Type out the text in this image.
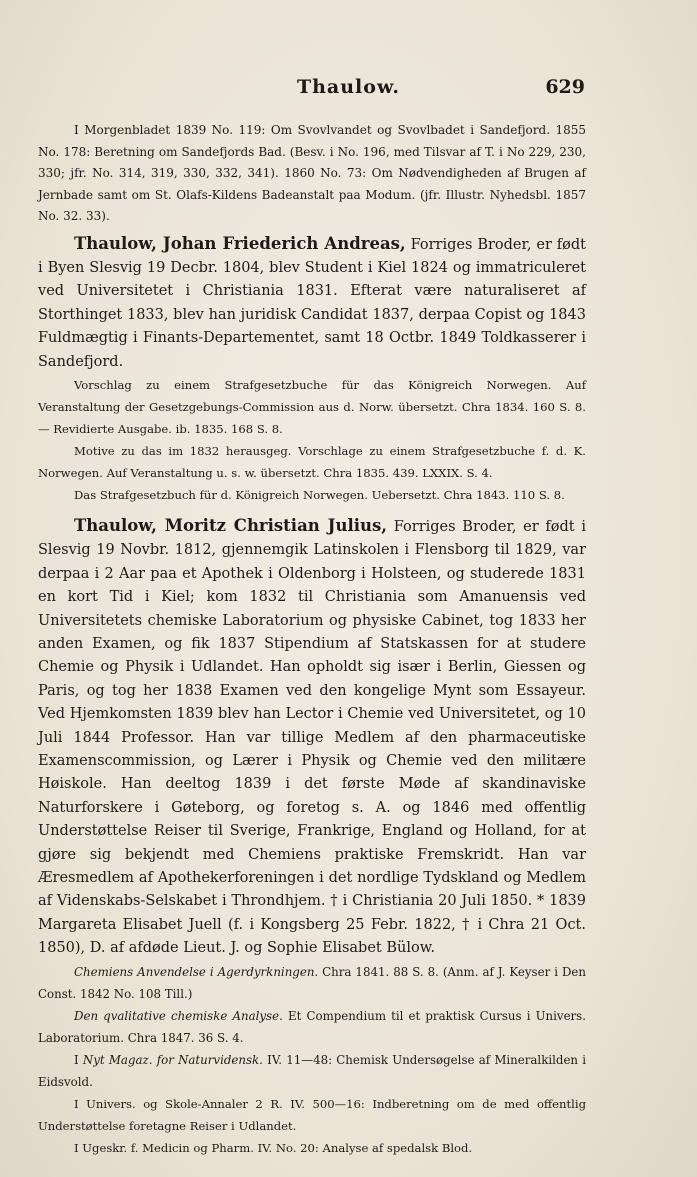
Thaulow.	629

I Morgenbladet 1839 No. 119: Om Svovlvandet og Svovlbadet i Sandefjord. 1855 No. 178: Beretning om Sandefjords Bad. (Besv. i No. 196, med Tilsvar af T. i No 229, 230, 330; jfr. No. 314, 319, 330, 332, 341). 1860 No. 73: Om Nødvendigheden af Brugen af Jernbade samt om St. Olafs-Kildens Badeanstalt paa Modum. (jfr. Illustr. Nyhedsbl. 1857 No. 32. 33).

Thaulow, Johan Friederich Andreas, Forriges Broder, er født i Byen Slesvig 19 Decbr. 1804, blev Student i Kiel 1824 og immatriculeret ved Universitetet i Christiania 1831. Efterat være naturaliseret af Storthinget 1833, blev han juridisk Candidat 1837, derpaa Copist og 1843 Fuldmægtig i Finants-Departementet, samt 18 Octbr. 1849 Toldkasserer i Sandefjord.

Vorschlag zu einem Strafgesetzbuche für das Königreich Norwegen. Auf Veranstaltung der Gesetzgebungs-Commission aus d. Norw. übersetzt. Chra 1834. 160 S. 8. — Revidierte Ausgabe. ib. 1835. 168 S. 8.

Motive zu das im 1832 herausgeg. Vorschlage zu einem Strafgesetzbuche f. d. K. Norwegen. Auf Veranstaltung u. s. w. übersetzt. Chra 1835. 439. LXXIX. S. 4.

Das Strafgesetzbuch für d. Königreich Norwegen. Uebersetzt. Chra 1843. 110 S. 8.

Thaulow, Moritz Christian Julius, Forriges Broder, er født i Slesvig 19 Novbr. 1812, gjennemgik Latinskolen i Flensborg til 1829, var derpaa i 2 Aar paa et Apothek i Oldenborg i Holsteen, og studerede 1831 en kort Tid i Kiel; kom 1832 til Christiania som Amanuensis ved Universitetets chemiske Laboratorium og physiske Cabinet, tog 1833 her anden Examen, og fik 1837 Stipendium af Statskassen for at studere Chemie og Physik i Udlandet. Han opholdt sig især i Berlin, Giessen og Paris, og tog her 1838 Examen ved den kongelige Mynt som Essayeur. Ved Hjemkomsten 1839 blev han Lector i Chemie ved Universitetet, og 10 Juli 1844 Professor. Han var tillige Medlem af den pharmaceutiske Examenscommission, og Lærer i Physik og Chemie ved den militære Høiskole. Han deeltog 1839 i det første Møde af skandinaviske Naturforskere i Gøteborg, og foretog s. A. og 1846 med offentlig Understøttelse Reiser til Sverige, Frankrige, England og Holland, for at gjøre sig bekjendt med Chemiens praktiske Fremskridt. Han var Æresmedlem af Apothekerforeningen i det nordlige Tydskland og Medlem af Videnskabs-Selskabet i Throndhjem. † i Christiania 20 Juli 1850. * 1839 Margareta Elisabet Juell (f. i Kongsberg 25 Febr. 1822, † i Chra 21 Oct. 1850), D. af afdøde Lieut. J. og Sophie Elisabet Bülow.

Chemiens Anvendelse i Agerdyrkningen. Chra 1841. 88 S. 8. (Anm. af J. Keyser i Den Const. 1842 No. 108 Till.)

Den qvalitative chemiske Analyse. Et Compendium til et praktisk Cursus i Univers. Laboratorium. Chra 1847. 36 S. 4.

I Nyt Magaz. for Naturvidensk. IV. 11—48: Chemisk Undersøgelse af Mineralkilden i Eidsvold.

I Univers. og Skole-Annaler 2 R. IV. 500—16: Indberetning om de med offentlig Understøttelse foretagne Reiser i Udlandet.

I Ugeskr. f. Medicin og Pharm. IV. No. 20: Analyse af spedalsk Blod.
